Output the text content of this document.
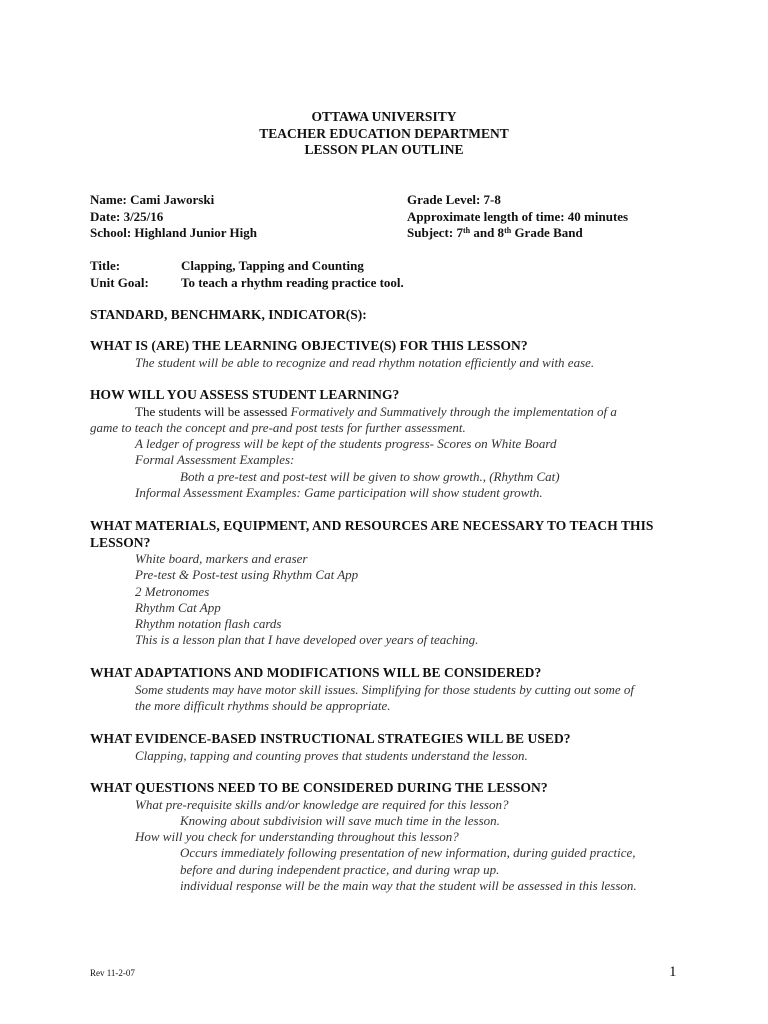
OTTAWA UNIVERSITY
TEACHER EDUCATION DEPARTMENT
LESSON PLAN OUTLINE
Name: Cami Jaworski
Date: 3/25/16
School: Highland Junior High
Grade Level: 7-8
Approximate length of time: 40 minutes
Subject: 7th and 8th Grade Band
Title:	Clapping, Tapping and Counting
Unit Goal: To teach a rhythm reading practice tool.
STANDARD, BENCHMARK, INDICATOR(S):
WHAT IS (ARE) THE LEARNING OBJECTIVE(S) FOR THIS LESSON?
The student will be able to recognize and read rhythm notation efficiently and with ease.
HOW WILL YOU ASSESS STUDENT LEARNING?
The students will be assessed Formatively and Summatively through the implementation of a
game to teach the concept and pre-and post tests for further assessment.
A ledger of progress will be kept of the students progress- Scores on White Board
Formal Assessment Examples:
Both a pre-test and post-test will be given to show growth., (Rhythm Cat)
Informal Assessment Examples: Game participation will show student growth.
WHAT MATERIALS, EQUIPMENT, AND RESOURCES ARE NECESSARY TO TEACH THIS
LESSON?
White board, markers and eraser
Pre-test & Post-test using Rhythm Cat App
2 Metronomes
Rhythm Cat App
Rhythm notation flash cards
This is a lesson plan that I have developed over years of teaching.
WHAT ADAPTATIONS AND MODIFICATIONS WILL BE CONSIDERED?
Some students may have motor skill issues. Simplifying for those students by cutting out some of
the more difficult rhythms should be appropriate.
WHAT EVIDENCE-BASED INSTRUCTIONAL STRATEGIES WILL BE USED?
Clapping, tapping and counting proves that students understand the lesson.
WHAT QUESTIONS NEED TO BE CONSIDERED DURING THE LESSON?
What pre-requisite skills and/or knowledge are required for this lesson?
Knowing about subdivision will save much time in the lesson.
How will you check for understanding throughout this lesson?
Occurs immediately following presentation of new information, during guided practice,
before and during independent practice, and during wrap up.
individual response will be the main way that the student will be assessed in this lesson.
Rev 11-2-07	1
